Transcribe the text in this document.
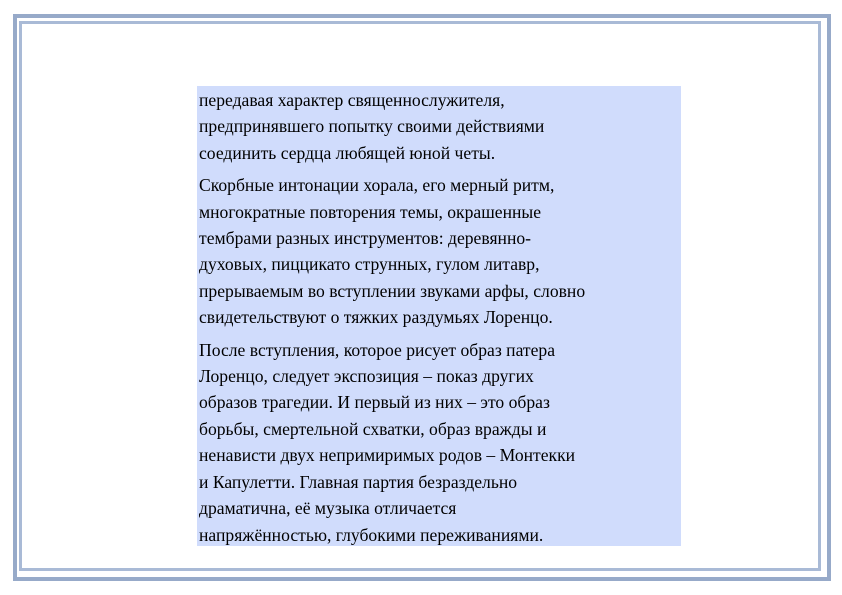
передавая характер священнослужителя,
предпринявшего попытку своими действиями
соединить сердца любящей юной четы.

Скорбные интонации хорала, его мерный ритм,
многократные повторения темы, окрашенные
тембрами разных инструментов: деревянно-
духовых, пиццикато струнных, гулом литавр,
прерываемым во вступлении звуками арфы, словно
свидетельствуют о тяжких раздумьях Лоренцо.

После вступления, которое рисует образ патера
Лоренцо, следует экспозиция – показ других
образов трагедии. И первый из них – это образ
борьбы, смертельной схватки, образ вражды и
ненависти двух непримиримых родов – Монтекки
и Капулетти. Главная партия безраздельно
драматична, её музыка отличается
напряжённостью, глубокими переживаниями.
